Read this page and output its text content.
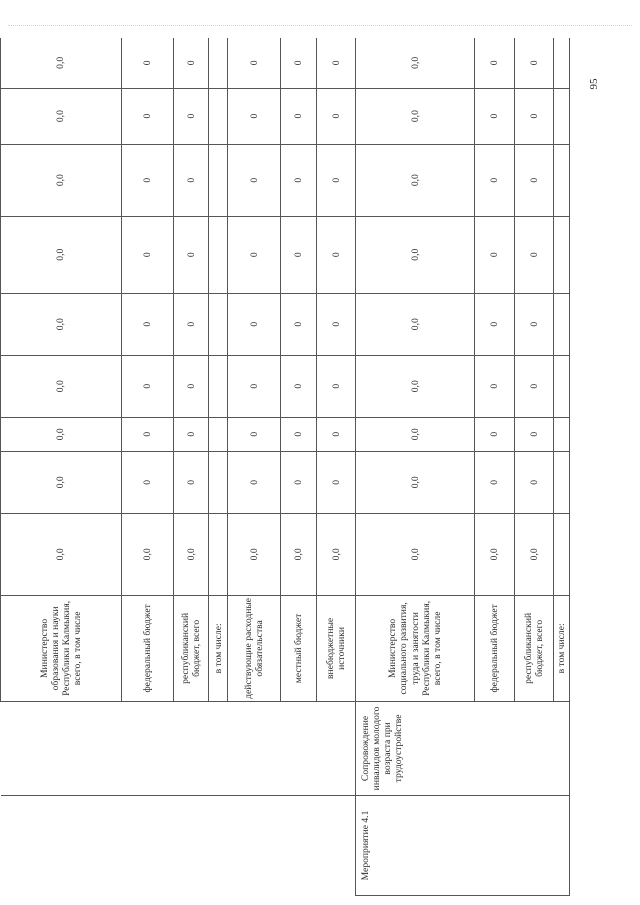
95
		Министерство образования и науки Республики Калмыкия, всего, в том числе	0,0	0,0	0,0	0,0	0,0	0,0	0,0	0,0	0,0
		федеральный бюджет	0,0	0	0	0	0	0	0	0	0
		республиканский бюджет, всего	0,0	0	0	0	0	0	0	0	0
		в том числе:									
		действующие расходные обязательства	0,0	0	0	0	0	0	0	0	0
		местный бюджет	0,0	0	0	0	0	0	0	0	0
		внебюджетные источники	0,0	0	0	0	0	0	0	0	0
Мероприятие 4.1	Сопровождение инвалидов молодого возраста при трудоустройстве	Министерство социального развития, труда и занятости Республики Калмыкия, всего, в том числе	0,0	0,0	0,0	0,0	0,0	0,0	0,0	0,0	0,0
		федеральный бюджет	0,0	0	0	0	0	0	0	0	0
		республиканский бюджет, всего	0,0	0	0	0	0	0	0	0	0
		в том числе:									
